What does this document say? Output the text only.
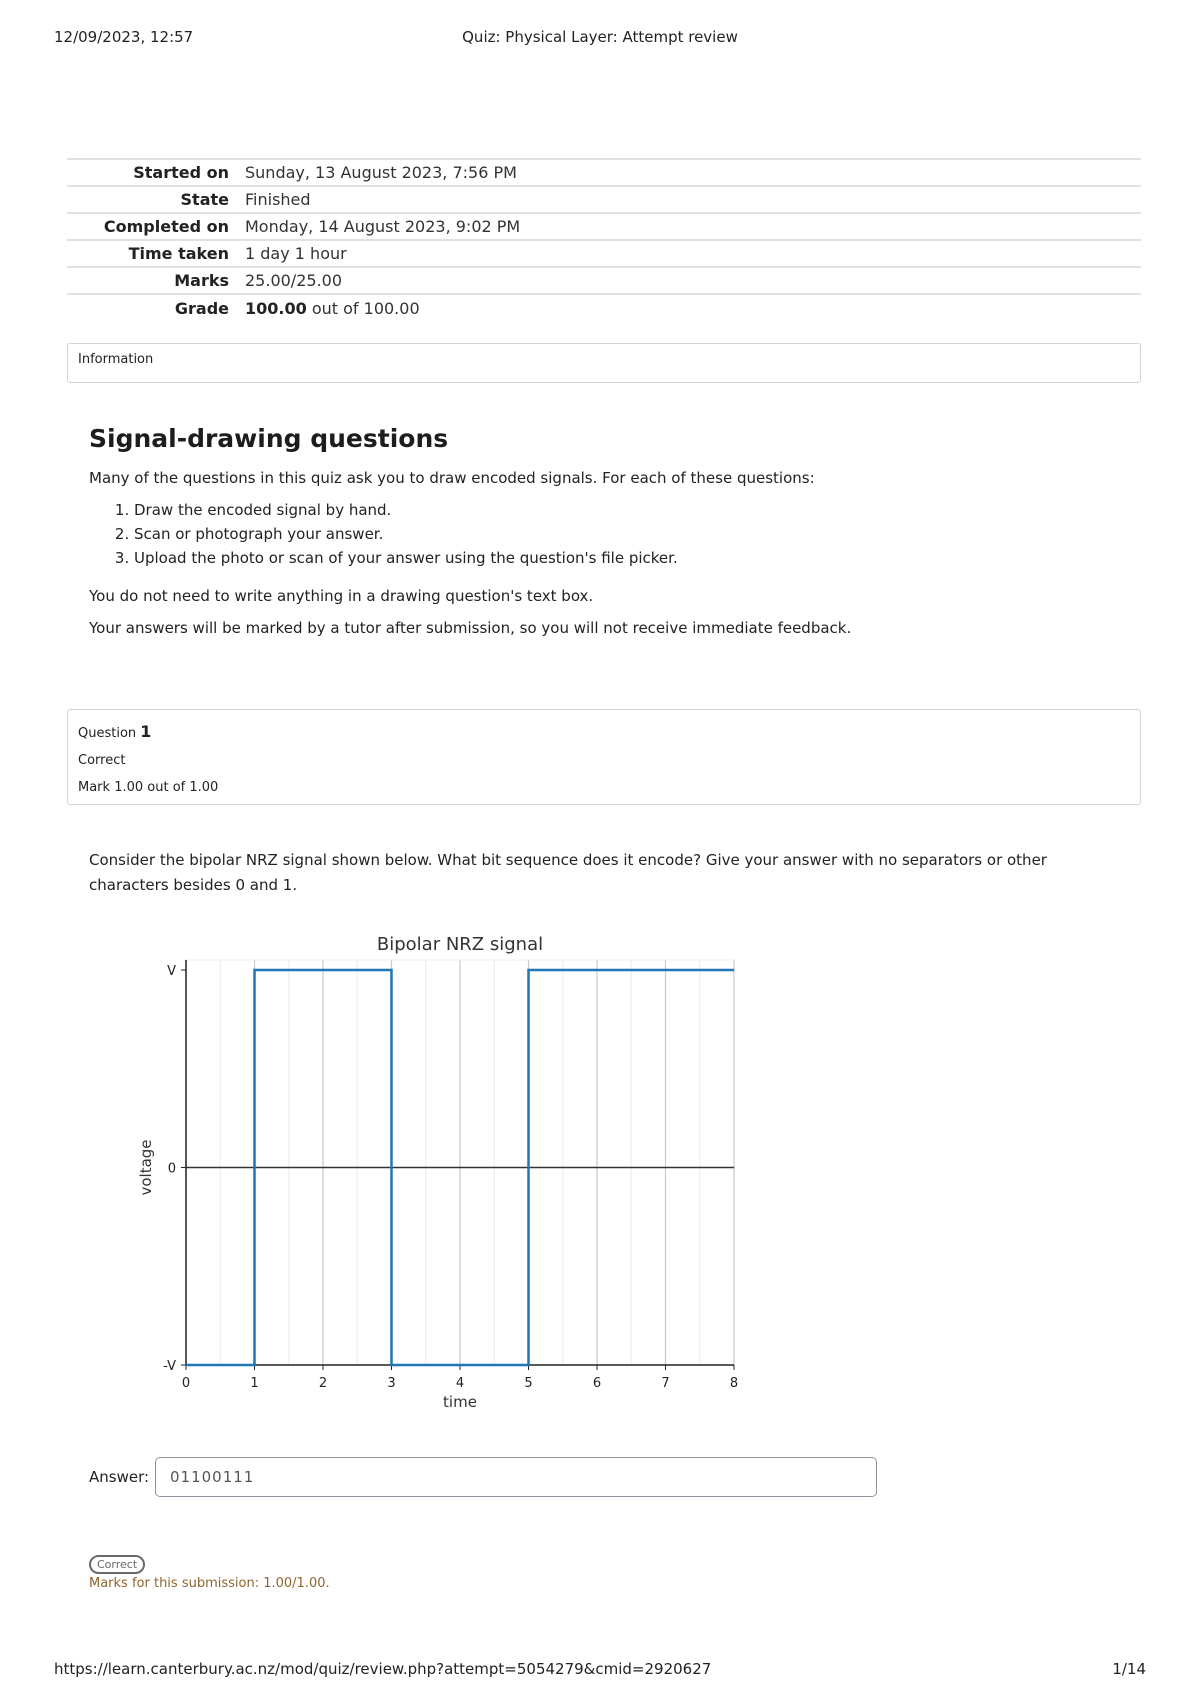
12/09/2023, 12:57	Quiz: Physical Layer: Attempt review
Started on	Sunday, 13 August 2023, 7:56 PM
State	Finished
Completed on	Monday, 14 August 2023, 9:02 PM
Time taken	1 day 1 hour
Marks	25.00/25.00
Grade	100.00 out of 100.00
Information
Signal-drawing questions

Many of the questions in this quiz ask you to draw encoded signals. For each of these questions:

1. Draw the encoded signal by hand.
2. Scan or photograph your answer.
3. Upload the photo or scan of your answer using the question's file picker.

You do not need to write anything in a drawing question's text box.

Your answers will be marked by a tutor after submission, so you will not receive immediate feedback.

Question 1
Correct
Mark 1.00 out of 1.00
Consider the bipolar NRZ signal shown below. What bit sequence does it encode? Give your answer with no separators or other characters besides 0 and 1.
0	1	2	3	4	5	6	7	8
-V
0
V
Bipolar NRZ signal
time
voltage
Answer:	01100111
Correct
Marks for this submission: 1.00/1.00.
https://learn.canterbury.ac.nz/mod/quiz/review.php?attempt=5054279&cmid=2920627	1/14
